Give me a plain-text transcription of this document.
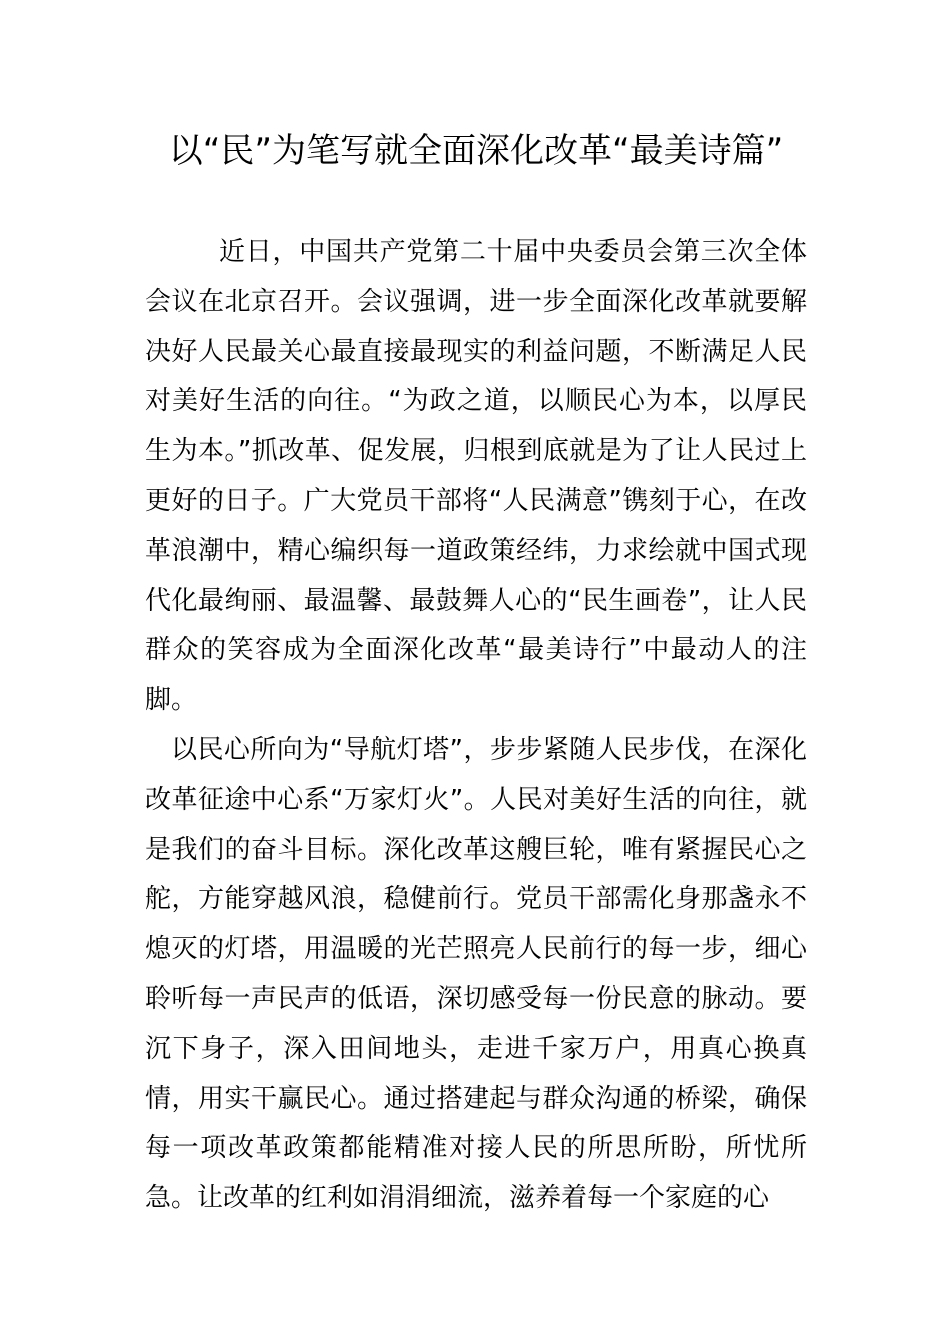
以“民”为笔写就全面深化改革“最美诗篇”

近日，中国共产党第二十届中央委员会第三次全体会议在北京召开。会议强调，进一步全面深化改革就要解决好人民最关心最直接最现实的利益问题，不断满足人民对美好生活的向往。“为政之道，以顺民心为本，以厚民生为本。”抓改革、促发展，归根到底就是为了让人民过上更好的日子。广大党员干部将“人民满意”镌刻于心，在改革浪潮中，精心编织每一道政策经纬，力求绘就中国式现代化最绚丽、最温馨、最鼓舞人心的“民生画卷”，让人民群众的笑容成为全面深化改革“最美诗行”中最动人的注脚。

以民心所向为“导航灯塔”，步步紧随人民步伐，在深化改革征途中心系“万家灯火”。人民对美好生活的向往，就是我们的奋斗目标。深化改革这艘巨轮，唯有紧握民心之舵，方能穿越风浪，稳健前行。党员干部需化身那盏永不熄灭的灯塔，用温暖的光芒照亮人民前行的每一步，细心聆听每一声民声的低语，深切感受每一份民意的脉动。要沉下身子，深入田间地头，走进千家万户，用真心换真情，用实干赢民心。通过搭建起与群众沟通的桥梁，确保每一项改革政策都能精准对接人民的所思所盼，所忧所急。让改革的红利如涓涓细流，滋养着每一个家庭的心
